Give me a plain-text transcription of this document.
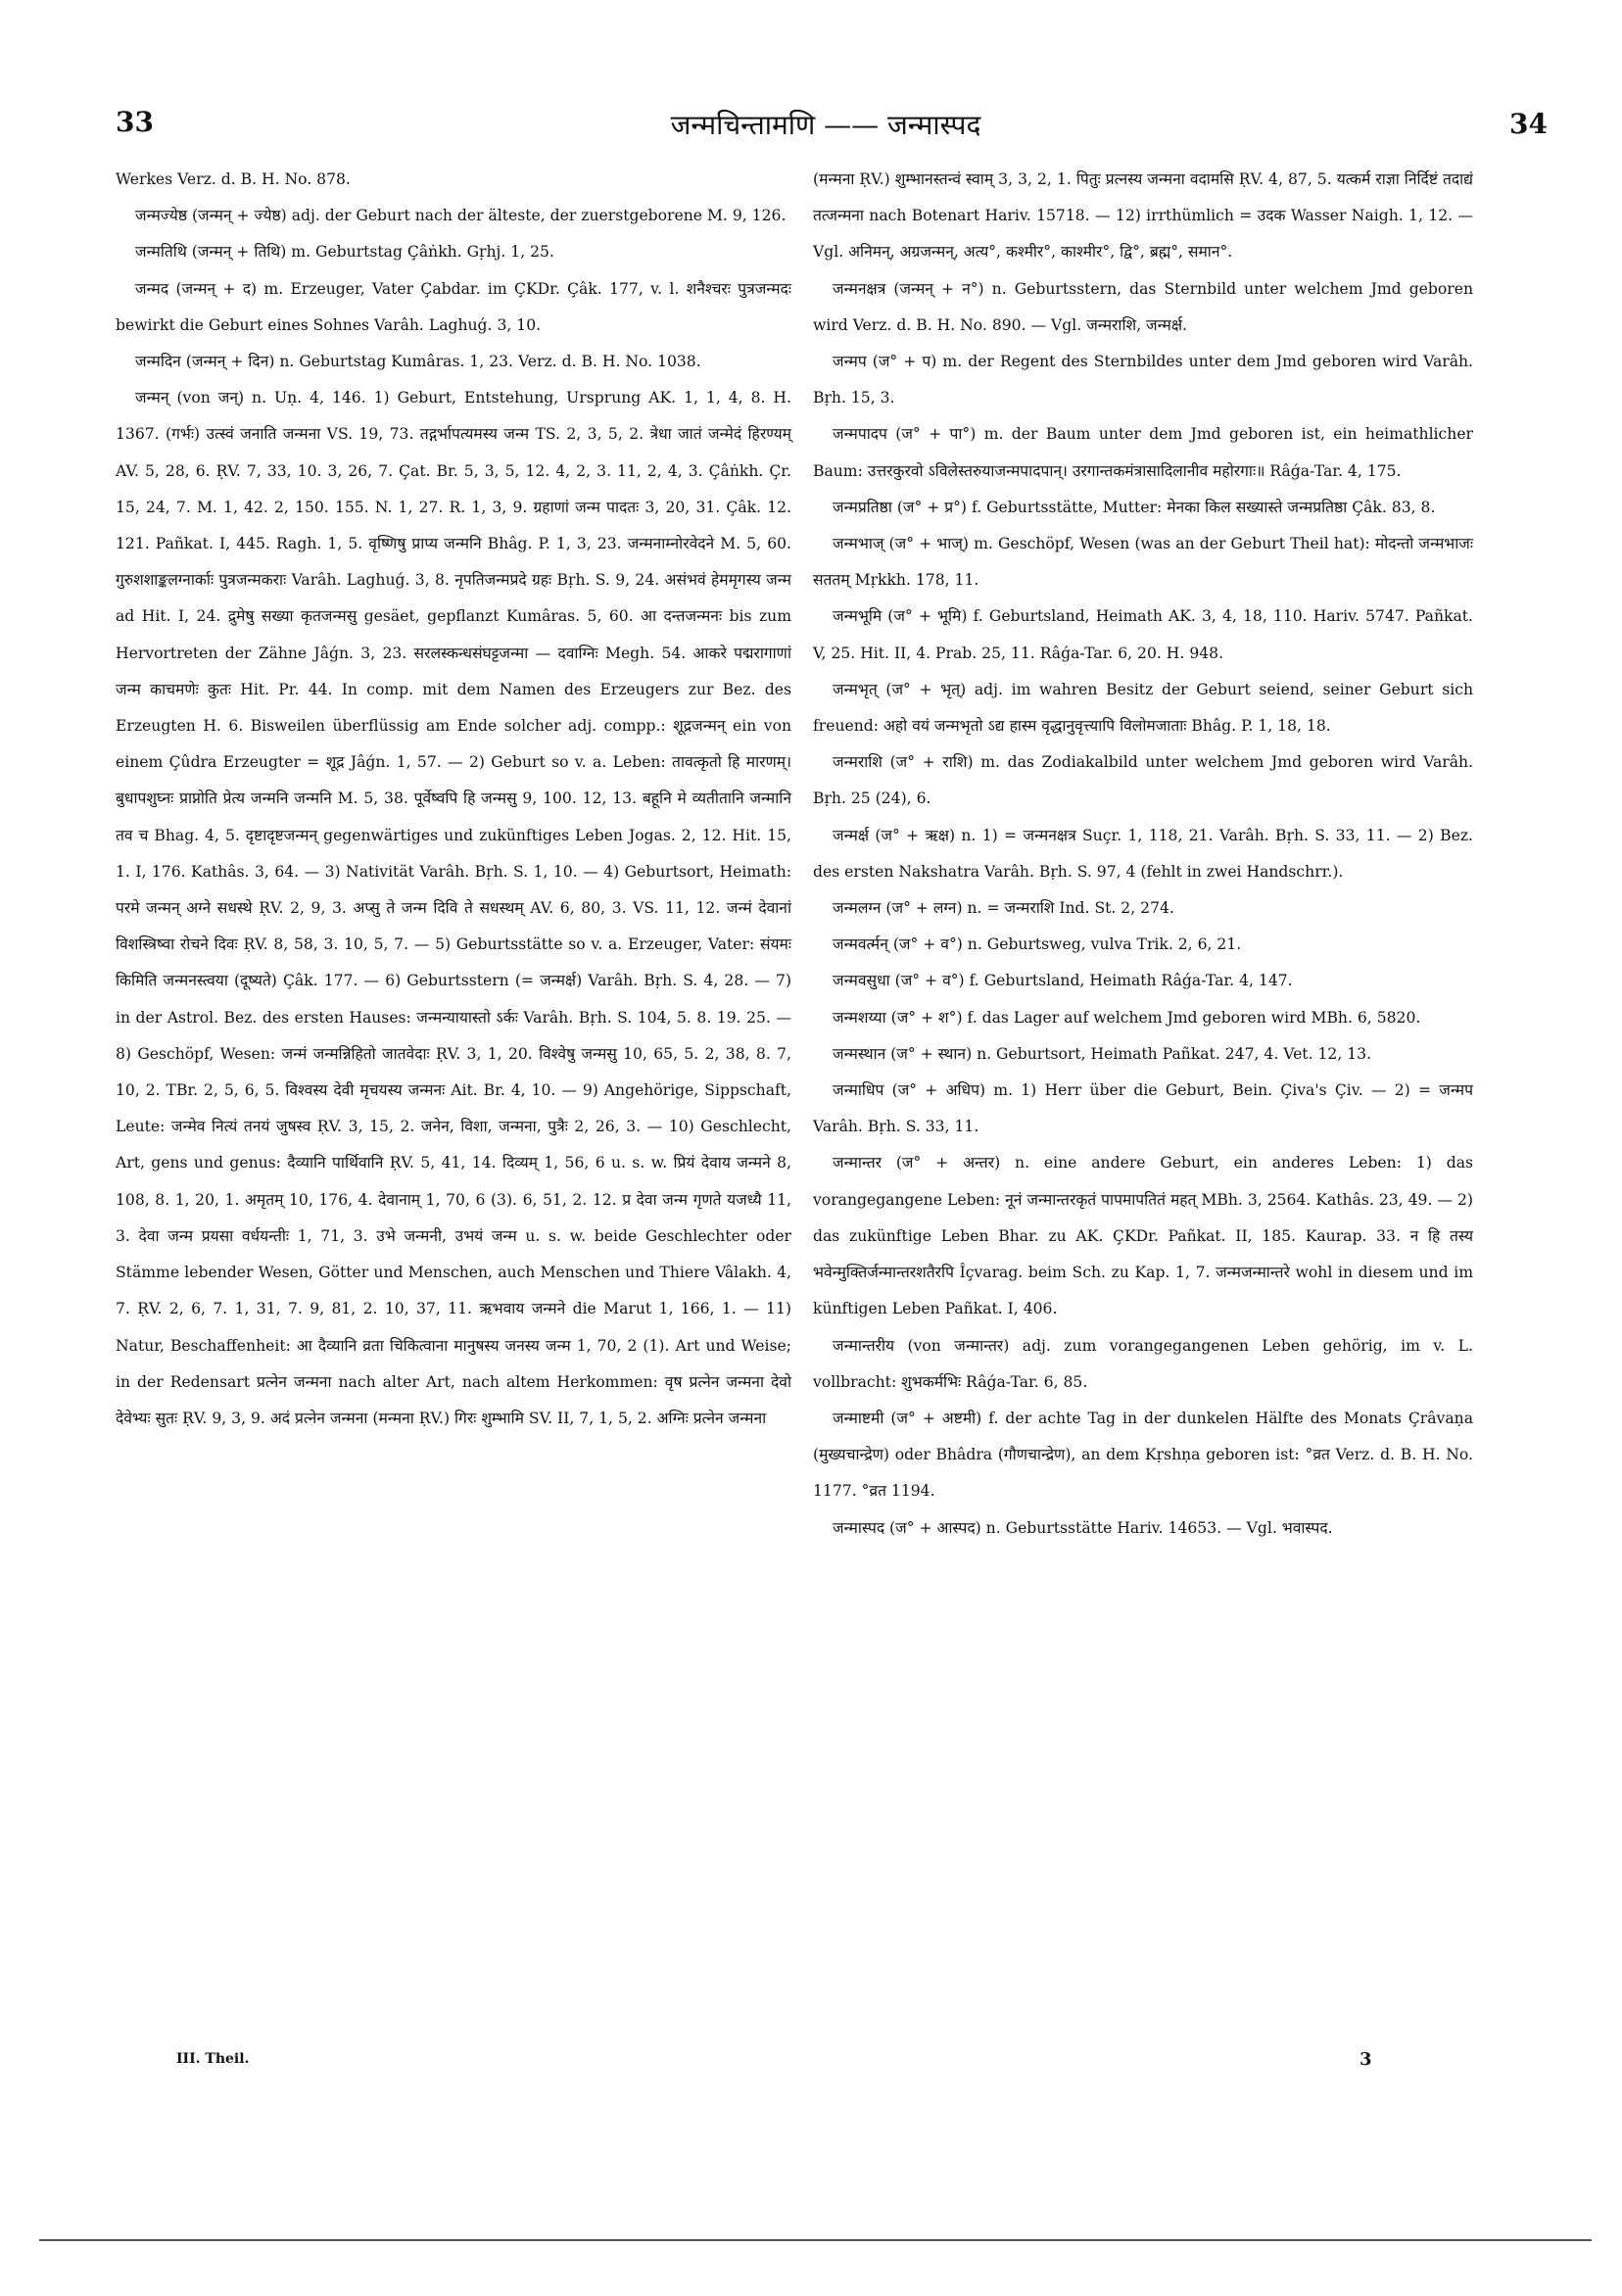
33	जन्मचिन्तामणि —— जन्मास्पद	34

Werkes Verz. d. B. H. No. 878.

जन्मज्येष्ठ (जन्मन् + ज्येष्ठ) adj. der Geburt nach der älteste, der zuerstgeborene M. 9, 126.

जन्मतिथि (जन्मन् + तिथि) m. Geburtstag Çâṅkh. Gṛhj. 1, 25.

जन्मद (जन्मन् + द) m. Erzeuger, Vater Çabdar. im ÇKDr. Çâk. 177, v. l. शनैश्चरः पुत्रजन्मदः bewirkt die Geburt eines Sohnes Varâh. Laghuǵ. 3, 10.

जन्मदिन (जन्मन् + दिन) n. Geburtstag Kumâras. 1, 23. Verz. d. B. H. No. 1038.

जन्मन् (von जन्) n. Uṇ. 4, 146. 1) Geburt, Entstehung, Ursprung AK. 1, 1, 4, 8. H. 1367. (गर्भः) उत्स्वं जनाति जन्मना VS. 19, 73. तद्गर्भापत्यमस्य जन्म TS. 2, 3, 5, 2. त्रेधा जातं जन्मेदं हिरण्यम् AV. 5, 28, 6. ṚV. 7, 33, 10. 3, 26, 7. Çat. Br. 5, 3, 5, 12. 4, 2, 3. 11, 2, 4, 3. Çâṅkh. Çr. 15, 24, 7. M. 1, 42. 2, 150. 155. N. 1, 27. R. 1, 3, 9. ग्रहाणां जन्म पादतः 3, 20, 31. Çâk. 12. 121. Pañkat. I, 445. Ragh. 1, 5. वृष्णिषु प्राप्य जन्मनि Bhâg. P. 1, 3, 23. जन्मनाम्नोरवेदने M. 5, 60. गुरुशशाङ्कलग्नार्काः पुत्रजन्मकराः Varâh. Laghuǵ. 3, 8. नृपतिजन्मप्रदे ग्रहः Bṛh. S. 9, 24. असंभवं हेममृगस्य जन्म ad Hit. I, 24. द्रुमेषु सख्या कृतजन्मसु gesäet, gepflanzt Kumâras. 5, 60. आ दन्तजन्मनः bis zum Hervortreten der Zähne Jâǵn. 3, 23. सरलस्कन्धसंघट्टजन्मा — दवाग्निः Megh. 54. आकरे पद्मरागाणां जन्म काचमणेः कुतः Hit. Pr. 44. In comp. mit dem Namen des Erzeugers zur Bez. des Erzeugten H. 6. Bisweilen überflüssig am Ende solcher adj. compp.: शूद्रजन्मन् ein von einem Çûdra Erzeugter = शूद्र Jâǵn. 1, 57. — 2) Geburt so v. a. Leben: तावत्कृतो हि मारणम्। बुधापशुघ्नः प्राप्नोति प्रेत्य जन्मनि जन्मनि M. 5, 38. पूर्वेष्वपि हि जन्मसु 9, 100. 12, 13. बहूनि मे व्यतीतानि जन्मानि तव च Bhag. 4, 5. दृष्टादृष्टजन्मन् gegenwärtiges und zukünftiges Leben Jogas. 2, 12. Hit. 15, 1. I, 176. Kathâs. 3, 64. — 3) Nativität Varâh. Bṛh. S. 1, 10. — 4) Geburtsort, Heimath: परमे जन्मन् अग्ने सधस्थे ṚV. 2, 9, 3. अप्सु ते जन्म दिवि ते सधस्थम् AV. 6, 80, 3. VS. 11, 12. जन्मं देवानां विशस्त्रिष्वा रोचने दिवः ṚV. 8, 58, 3. 10, 5, 7. — 5) Geburtsstätte so v. a. Erzeuger, Vater: संयमः किमिति जन्मनस्त्वया (दूष्यते) Çâk. 177. — 6) Geburtsstern (= जन्मर्क्ष) Varâh. Bṛh. S. 4, 28. — 7) in der Astrol. Bez. des ersten Hauses: जन्मन्यायास्तो ऽर्कः Varâh. Bṛh. S. 104, 5. 8. 19. 25. — 8) Geschöpf, Wesen: जन्मं जन्मन्निहितो जातवेदाः ṚV. 3, 1, 20. विश्वेषु जन्मसु 10, 65, 5. 2, 38, 8. 7, 10, 2. TBr. 2, 5, 6, 5. विश्वस्य देवी मृचयस्य जन्मनः Ait. Br. 4, 10. — 9) Angehörige, Sippschaft, Leute: जन्मेव नित्यं तनयं जुषस्व ṚV. 3, 15, 2. जनेन, विशा, जन्मना, पुत्रैः 2, 26, 3. — 10) Geschlecht, Art, gens und genus: दैव्यानि पार्थिवानि ṚV. 5, 41, 14. दिव्यम् 1, 56, 6 u. s. w. प्रियं देवाय जन्मने 8, 108, 8. 1, 20, 1. अमृतम् 10, 176, 4. देवानाम् 1, 70, 6 (3). 6, 51, 2. 12. प्र देवा जन्म गृणते यजध्यै 11, 3. देवा जन्म प्रयसा वर्धयन्तीः 1, 71, 3. उभे जन्मनी, उभयं जन्म u. s. w. beide Geschlechter oder Stämme lebender Wesen, Götter und Menschen, auch Menschen und Thiere Vâlakh. 4, 7. ṚV. 2, 6, 7. 1, 31, 7. 9, 81, 2. 10, 37, 11. ऋभवाय जन्मने die Marut 1, 166, 1. — 11) Natur, Beschaffenheit: आ दैव्यानि व्रता चिकित्वाना मानुषस्य जनस्य जन्म 1, 70, 2 (1). Art und Weise; in der Redensart प्रत्नेन जन्मना nach alter Art, nach altem Herkommen: वृष प्रत्नेन जन्मना देवो देवेभ्यः सुतः ṚV. 9, 3, 9. अदं प्रत्नेन जन्मना (मन्मना ṚV.) गिरः शुम्भामि SV. II, 7, 1, 5, 2. अग्निः प्रत्नेन जन्मना

(मन्मना ṚV.) शुम्भानस्तन्वं स्वाम् 3, 3, 2, 1. पितुः प्रत्नस्य जन्मना वदामसि ṚV. 4, 87, 5. यत्कर्म राज्ञा निर्दिष्टं तदाद्यं तत्जन्मना nach Botenart Hariv. 15718. — 12) irrthümlich = उदक Wasser Naigh. 1, 12. — Vgl. अनिमन्, अग्रजन्मन्, अत्य°, कश्मीर°, काश्मीर°, द्वि°, ब्रह्म°, समान°.

जन्मनक्षत्र (जन्मन् + न°) n. Geburtsstern, das Sternbild unter welchem Jmd geboren wird Verz. d. B. H. No. 890. — Vgl. जन्मराशि, जन्मर्क्ष.

जन्मप (ज° + प) m. der Regent des Sternbildes unter dem Jmd geboren wird Varâh. Bṛh. 15, 3.

जन्मपादप (ज° + पा°) m. der Baum unter dem Jmd geboren ist, ein heimathlicher Baum: उत्तरकुरवो ऽविलेस्तरुयाजन्मपादपान्। उरगान्तकमंत्रासादिलानीव महोरगाः॥ Râǵa-Tar. 4, 175.

जन्मप्रतिष्ठा (ज° + प्र°) f. Geburtsstätte, Mutter: मेनका किल सख्यास्ते जन्मप्रतिष्ठा Çâk. 83, 8.

जन्मभाज् (ज° + भाज्) m. Geschöpf, Wesen (was an der Geburt Theil hat): मोदन्तो जन्मभाजः सततम् Mṛkkh. 178, 11.

जन्मभूमि (ज° + भूमि) f. Geburtsland, Heimath AK. 3, 4, 18, 110. Hariv. 5747. Pañkat. V, 25. Hit. II, 4. Prab. 25, 11. Râǵa-Tar. 6, 20. H. 948.

जन्मभृत् (ज° + भृत्) adj. im wahren Besitz der Geburt seiend, seiner Geburt sich freuend: अहो वयं जन्मभृतो ऽद्य हास्म वृद्धानुवृत्त्यापि विलोमजाताः Bhâg. P. 1, 18, 18.

जन्मराशि (ज° + राशि) m. das Zodiakalbild unter welchem Jmd geboren wird Varâh. Bṛh. 25 (24), 6.

जन्मर्क्ष (ज° + ऋक्ष) n. 1) = जन्मनक्षत्र Suçr. 1, 118, 21. Varâh. Bṛh. S. 33, 11. — 2) Bez. des ersten Nakshatra Varâh. Bṛh. S. 97, 4 (fehlt in zwei Handschrr.).

जन्मलग्न (ज° + लग्न) n. = जन्मराशि Ind. St. 2, 274.

जन्मवर्त्मन् (ज° + व°) n. Geburtsweg, vulva Trik. 2, 6, 21.

जन्मवसुधा (ज° + व°) f. Geburtsland, Heimath Râǵa-Tar. 4, 147.

जन्मशय्या (ज° + श°) f. das Lager auf welchem Jmd geboren wird MBh. 6, 5820.

जन्मस्थान (ज° + स्थान) n. Geburtsort, Heimath Pañkat. 247, 4. Vet. 12, 13.

जन्माधिप (ज° + अधिप) m. 1) Herr über die Geburt, Bein. Çiva's Çiv. — 2) = जन्मप Varâh. Bṛh. S. 33, 11.

जन्मान्तर (ज° + अन्तर) n. eine andere Geburt, ein anderes Leben: 1) das vorangegangene Leben: नूनं जन्मान्तरकृतं पापमापतितं महत् MBh. 3, 2564. Kathâs. 23, 49. — 2) das zukünftige Leben Bhar. zu AK. ÇKDr. Pañkat. II, 185. Kaurap. 33. न हि तस्य भवेन्मुक्तिर्जन्मान्तरशतैरपि Îçvarag. beim Sch. zu Kap. 1, 7. जन्मजन्मान्तरे wohl in diesem und im künftigen Leben Pañkat. I, 406.

जन्मान्तरीय (von जन्मान्तर) adj. zum vorangegangenen Leben gehörig, im v. L. vollbracht: शुभकर्मभिः Râǵa-Tar. 6, 85.

जन्माष्टमी (ज° + अष्टमी) f. der achte Tag in der dunkelen Hälfte des Monats Çrâvaṇa (मुख्यचान्द्रेण) oder Bhâdra (गौणचान्द्रेण), an dem Kṛshṇa geboren ist: °व्रत Verz. d. B. H. No. 1177. °व्रत 1194.

जन्मास्पद (ज° + आस्पद) n. Geburtsstätte Hariv. 14653. — Vgl. भवास्पद.

III. Theil.	3
